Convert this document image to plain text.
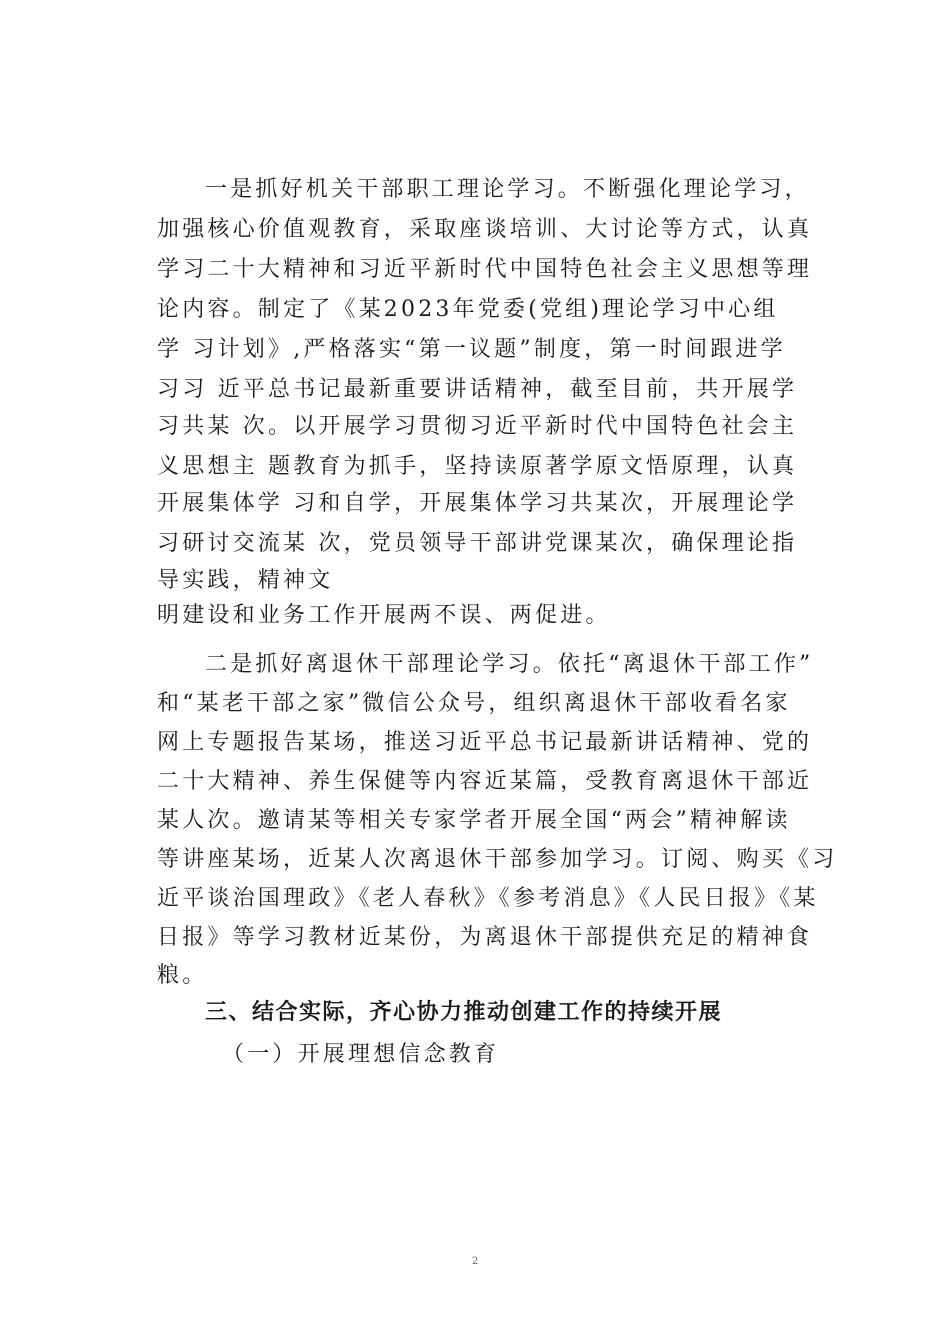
一是抓好机关干部职工理论学习。不断强化理论学习，
加强核心价值观教育，采取座谈培训、大讨论等方式，认真
学习二十大精神和习近平新时代中国特色社会主义思想等理
论内容。制定了《某2023年党委(党组)理论学习中心组
学 习计划》,严格落实“第一议题”制度，第一时间跟进学
习习 近平总书记最新重要讲话精神，截至目前，共开展学
习共某 次。以开展学习贯彻习近平新时代中国特色社会主
义思想主 题教育为抓手，坚持读原著学原文悟原理，认真
开展集体学 习和自学，开展集体学习共某次，开展理论学
习研讨交流某 次，党员领导干部讲党课某次，确保理论指
导实践，精神文
明建设和业务工作开展两不误、两促进。
二是抓好离退休干部理论学习。依托“离退休干部工作”
和“某老干部之家”微信公众号，组织离退休干部收看名家
网上专题报告某场，推送习近平总书记最新讲话精神、党的
二十大精神、养生保健等内容近某篇，受教育离退休干部近
某人次。邀请某等相关专家学者开展全国“两会”精神解读
等讲座某场，近某人次离退休干部参加学习。订阅、购买《习
近平谈治国理政》《老人春秋》《参考消息》《人民日报》《某
日报》等学习教材近某份，为离退休干部提供充足的精神食
粮。
三、结合实际，齐心协力推动创建工作的持续开展
（一）开展理想信念教育
2
